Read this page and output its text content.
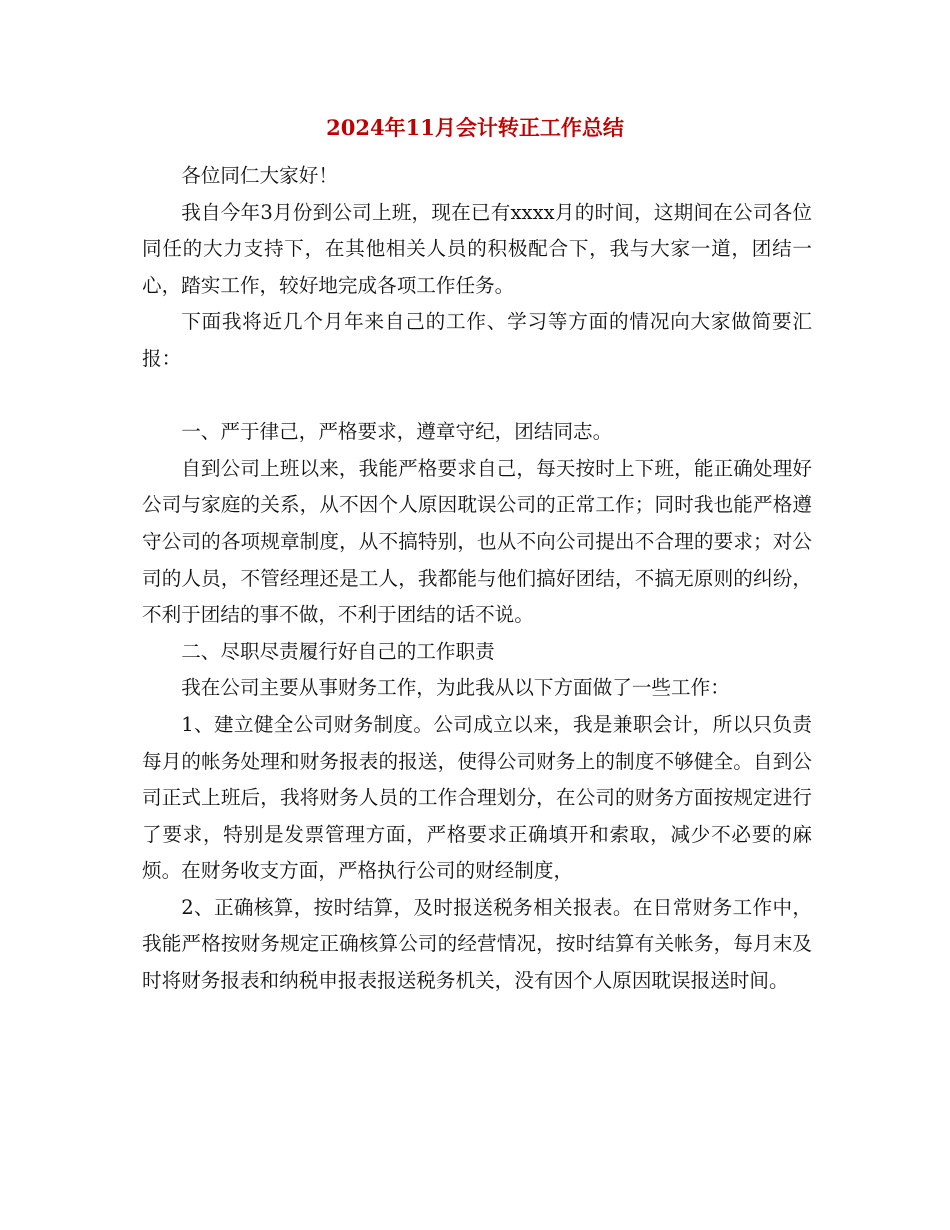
2024年11月会计转正工作总结

各位同仁大家好！

我自今年3月份到公司上班，现在已有xxxx月的时间，这期间在公司各位同任的大力支持下，在其他相关人员的积极配合下，我与大家一道，团结一心，踏实工作，较好地完成各项工作任务。

下面我将近几个月年来自己的工作、学习等方面的情况向大家做简要汇报：

一、严于律己，严格要求，遵章守纪，团结同志。

自到公司上班以来，我能严格要求自己，每天按时上下班，能正确处理好公司与家庭的关系，从不因个人原因耽误公司的正常工作；同时我也能严格遵守公司的各项规章制度，从不搞特别，也从不向公司提出不合理的要求；对公司的人员，不管经理还是工人，我都能与他们搞好团结，不搞无原则的纠纷，不利于团结的事不做，不利于团结的话不说。

二、尽职尽责履行好自己的工作职责

我在公司主要从事财务工作，为此我从以下方面做了一些工作：

1、建立健全公司财务制度。公司成立以来，我是兼职会计，所以只负责每月的帐务处理和财务报表的报送，使得公司财务上的制度不够健全。自到公司正式上班后，我将财务人员的工作合理划分，在公司的财务方面按规定进行了要求，特别是发票管理方面，严格要求正确填开和索取，减少不必要的麻烦。在财务收支方面，严格执行公司的财经制度，

2、正确核算，按时结算，及时报送税务相关报表。在日常财务工作中，我能严格按财务规定正确核算公司的经营情况，按时结算有关帐务，每月末及时将财务报表和纳税申报表报送税务机关，没有因个人原因耽误报送时间。
